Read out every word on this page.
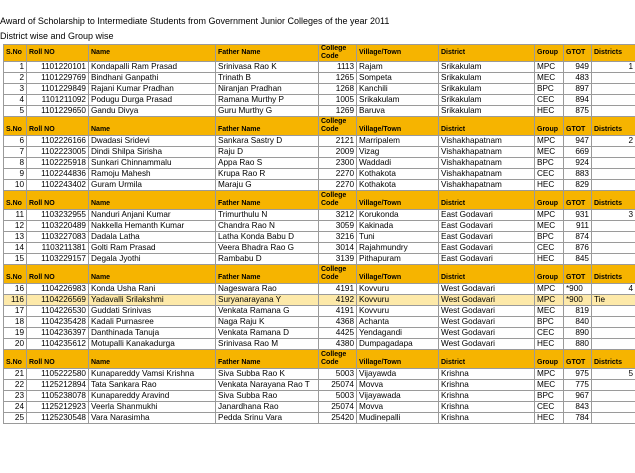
Award of Scholarship to Intermediate Students from Government Junior Colleges of the year 2011
District wise and Group wise
S.No	Roll NO	Name	Father Name	College
Code	Village/Town	District	Group	GTOT	Districts
1	1101220101	Kondapalli Ram Prasad	Srinivasa Rao K	1113	Rajam	Srikakulam	MPC	949	1
2	1101229769	Bindhani Ganpathi	Trinath B	1265	Sompeta	Srikakulam	MEC	483	
3	1101229849	Rajani Kumar Pradhan	Niranjan Pradhan	1268	Kanchili	Srikakulam	BPC	897	
4	1101211092	Podugu Durga Prasad	Ramana Murthy P	1005	Srikakulam	Srikakulam	CEC	894	
5	1101229650	Gandu Divya	Guru Murthy G	1269	Baruva	Srikakulam	HEC	875	
S.No	Roll NO	Name	Father Name	College
Code	Village/Town	District	Group	GTOT	Districts
6	1102226166	Dwadasi Sridevi	Sankara Sastry D	2121	Marripalem	Vishakhapatnam	MPC	947	2
7	1102223005	Dindi Shilpa Sirisha	Raju D	2009	Vizag	Vishakhapatnam	MEC	669	
8	1102225918	Sunkari Chinnammalu	Appa Rao S	2300	Waddadi	Vishakhapatnam	BPC	924	
9	1102244836	Ramoju Mahesh	Krupa Rao R	2270	Kothakota	Vishakhapatnam	CEC	883	
10	1102243402	Guram Urmila	Maraju G	2270	Kothakota	Vishakhapatnam	HEC	829	
S.No	Roll NO	Name	Father Name	College
Code	Village/Town	District	Group	GTOT	Districts
11	1103232955	Nanduri Anjani Kumar	Trimurthulu N	3212	Korukonda	East Godavari	MPC	931	3
12	1103220489	Nakkella Hemanth Kumar	Chandra Rao N	3059	Kakinada	East Godavari	MEC	911	
13	1103227083	Dadala Latha	Latha Konda Babu D	3216	Tuni	East Godavari	BPC	874	
14	1103211381	Golti Ram Prasad	Veera Bhadra Rao G	3014	Rajahmundry	East Godavari	CEC	876	
15	1103229157	Degala Jyothi	Rambabu D	3139	Pithapuram	East Godavari	HEC	845	
S.No	Roll NO	Name	Father Name	College
Code	Village/Town	District	Group	GTOT	Districts
16	1104226983	Konda Usha Rani	Nageswara Rao	4191	Kovvuru	West Godavari	MPC	*900	4
116	1104226569	Yadavalli Srilakshmi	Suryanarayana Y	4192	Kovvuru	West Godavari	MPC	*900	Tie
17	1104226530	Guddati Srinivas	Venkata Ramana G	4191	Kovvuru	West Godavari	MEC	819	
18	1104235428	Kadali Purnasree	Naga Raju K	4368	Achanta	West Godavari	BPC	840	
19	1104236397	Danthinada Tanuja	Venkata Ramana D	4425	Yendagandi	West Godavari	CEC	890	
20	1104235612	Motupalli Kanakadurga	Srinivasa Rao M	4380	Dumpagadapa	West Godavari	HEC	880	
S.No	Roll NO	Name	Father Name	College
Code	Village/Town	District	Group	GTOT	Districts
21	1105222580	Kunapareddy Vamsi Krishna	Siva Subba Rao K	5003	Vijayawda	Krishna	MPC	975	5
22	1125212894	Tata Sankara Rao	Venkata Narayana Rao T	25074	Movva	Krishna	MEC	775	
23	1105238078	Kunapareddy Aravind	Siva Subba Rao	5003	Vijayawada	Krishna	BPC	967	
24	1125212923	Veerla Shanmukhi	Janardhana Rao	25074	Movva	Krishna	CEC	843	
25	1125230548	Vara Narasimha	Pedda Srinu Vara	25420	Mudinepalli	Krishna	HEC	784	
